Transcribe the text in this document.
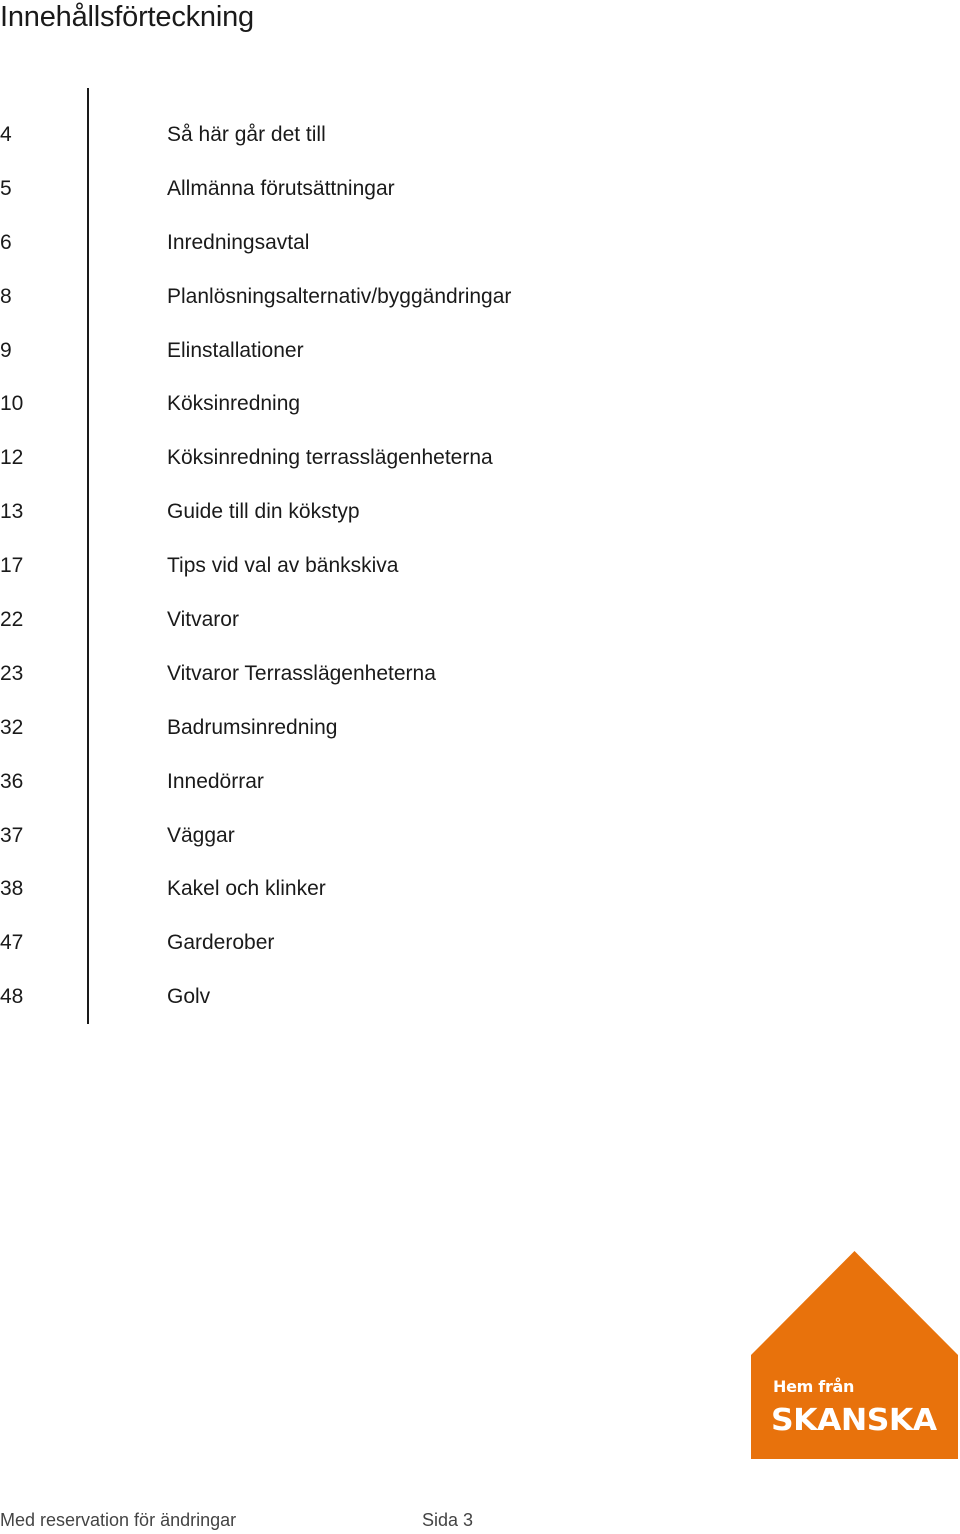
Innehållsförteckning
4	Så här går det till
5	Allmänna förutsättningar
6	Inredningsavtal
8	Planlösningsalternativ/byggändringar
9	Elinstallationer
10	Köksinredning
12	Köksinredning terrasslägenheterna
13	Guide till din kökstyp
17	Tips vid val av bänkskiva
22	Vitvaror
23	Vitvaror Terrasslägenheterna
32	Badrumsinredning
36	Innedörrar
37	Väggar
38	Kakel och klinker
47	Garderober
48	Golv
Hem från
SKANSKA
Med reservation för ändringar	Sida 3
